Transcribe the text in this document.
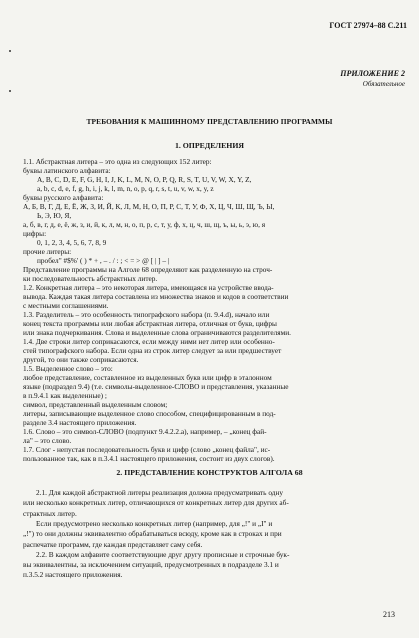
ГОСТ 27974–88 С.211
ПРИЛОЖЕНИЕ 2
Обязательное
ТРЕБОВАНИЯ К МАШИННОМУ ПРЕДСТАВЛЕНИЮ ПРОГРАММЫ
1. ОПРЕДЕЛЕНИЯ
1.1. Абстрактная литера – это одна из следующих 152 литер:
буквы латинского алфавита:
A, B, C, D, E, F, G, H, I, J, K, L, M, N, O, P, Q, R, S, T, U, V, W, X, Y, Z,
a, b, c, d, e, f, g, h, i, j, k, l, m, n, o, p, q, r, s, t, u, v, w, x, y, z
буквы русского алфавита:
А, Б, В, Г, Д, Е, Ё, Ж, З, И, Й, К, Л, М, Н, О, П, Р, С, Т, У, Ф, Х, Ц, Ч, Ш, Щ, Ъ, Ы,
Ь, Э, Ю, Я,
а, б, в, г, д, е, ё, ж, з, и, й, к, л, м, н, о, п, р, с, т, у, ф, х, ц, ч, ш, щ, ъ, ы, ь, э, ю, я
цифры:
0, 1, 2, 3, 4, 5, 6, 7, 8, 9
прочие литеры:
пробел" #$%' ( ) * + , – . / : ; < = > @ [ | ] – |
Представление программы на Алголе 68 определяют как разделенную на строч-
ки последовательность абстрактных литер.
1.2. Конкретная литера – это некоторая литера, имеющаяся на устройстве ввода-
вывода. Каждая такая литера составлена из множества знаков и кодов в соответствии
с местными соглашениями.
1.3. Разделитель – это особенность типографского набора (п. 9.4.d), начало или
конец текста программы или любая абстрактная литера, отличная от букв, цифры
или знака подчеркивания. Слова и выделенные слова ограничиваются разделителями.
1.4. Две строки литер соприкасаются, если между ними нет литер или особенно-
стей типографского набора. Если одна из строк литер следует за или предшествует
другой, то они также соприкасаются.
1.5. Выделенное слово – это:
любое представление, составленное из выделенных букв или цифр в эталонном
языке (подраздел 9.4) (т.е. символы-выделенное-СЛОВО и представления, указанные
в п.9.4.1 как выделенные) ;
символ, представленный выделенным словом;
литеры, записывающие выделенное слово способом, специфицированным в под-
разделе 3.4 настоящего приложения.
1.6. Слово – это символ-СЛОВО (подпункт 9.4.2.2.а), например, – „конец фай-
ла" – это слово.
1.7. Слог - непустая последовательность букв и цифр (слово „конец файла", ис-
пользованное так, как в п.3.4.1 настоящего приложения, состоит из двух слогов).
2. ПРЕДСТАВЛЕНИЕ КОНСТРУКТОВ АЛГОЛА 68
2.1. Для каждой абстрактной литеры реализация должна предусматривать одну
или несколько конкретных литер, отличающихся от конкретных литер для других аб-
страктных литер.
Если предусмотрено несколько конкретных литер (например, для „!" и „I" и
„!") то они должны эквивалентно обрабатываться всюду, кроме как в строках и при
распечатке программ, где каждая представляет саму себя.
2.2. В каждом алфавите соответствующие друг другу прописные и строчные бук-
вы эквивалентны, за исключением ситуаций, предусмотренных в подразделе 3.1 и
п.3.5.2 настоящего приложения.
213
